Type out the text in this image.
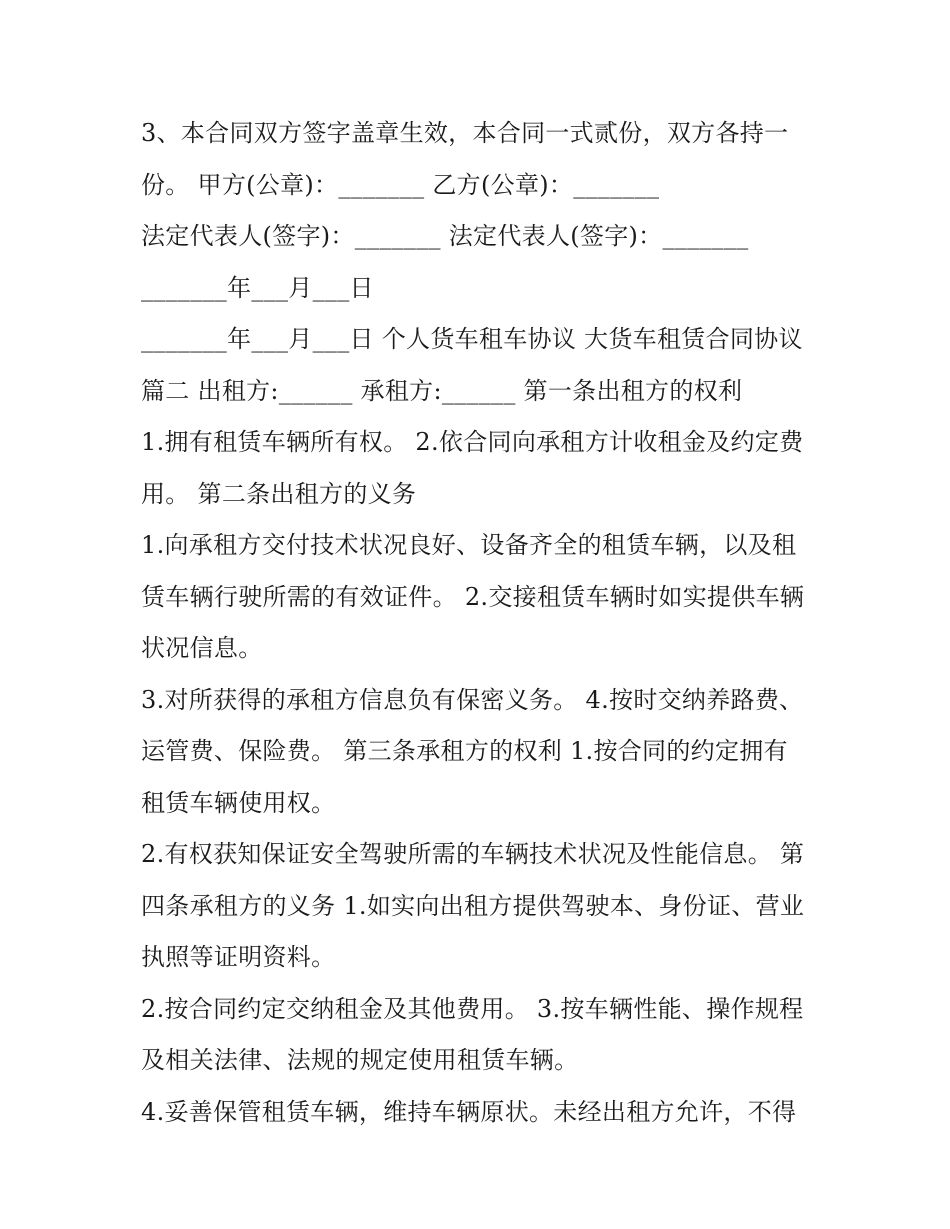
3、本合同双方签字盖章生效，本合同一式贰份，双方各持一
份。 甲方(公章)：_______ 乙方(公章)：_______
法定代表人(签字)：_______ 法定代表人(签字)：_______
_______年___月___日
_______年___月___日 个人货车租车协议 大货车租赁合同协议
篇二 出租方:______ 承租方:______ 第一条出租方的权利
1.拥有租赁车辆所有权。 2.依合同向承租方计收租金及约定费
用。 第二条出租方的义务
1.向承租方交付技术状况良好、设备齐全的租赁车辆，以及租
赁车辆行驶所需的有效证件。 2.交接租赁车辆时如实提供车辆
状况信息。
3.对所获得的承租方信息负有保密义务。 4.按时交纳养路费、
运管费、保险费。 第三条承租方的权利 1.按合同的约定拥有
租赁车辆使用权。
2.有权获知保证安全驾驶所需的车辆技术状况及性能信息。 第
四条承租方的义务 1.如实向出租方提供驾驶本、身份证、营业
执照等证明资料。
2.按合同约定交纳租金及其他费用。 3.按车辆性能、操作规程
及相关法律、法规的规定使用租赁车辆。
4.妥善保管租赁车辆，维持车辆原状。未经出租方允许，不得
